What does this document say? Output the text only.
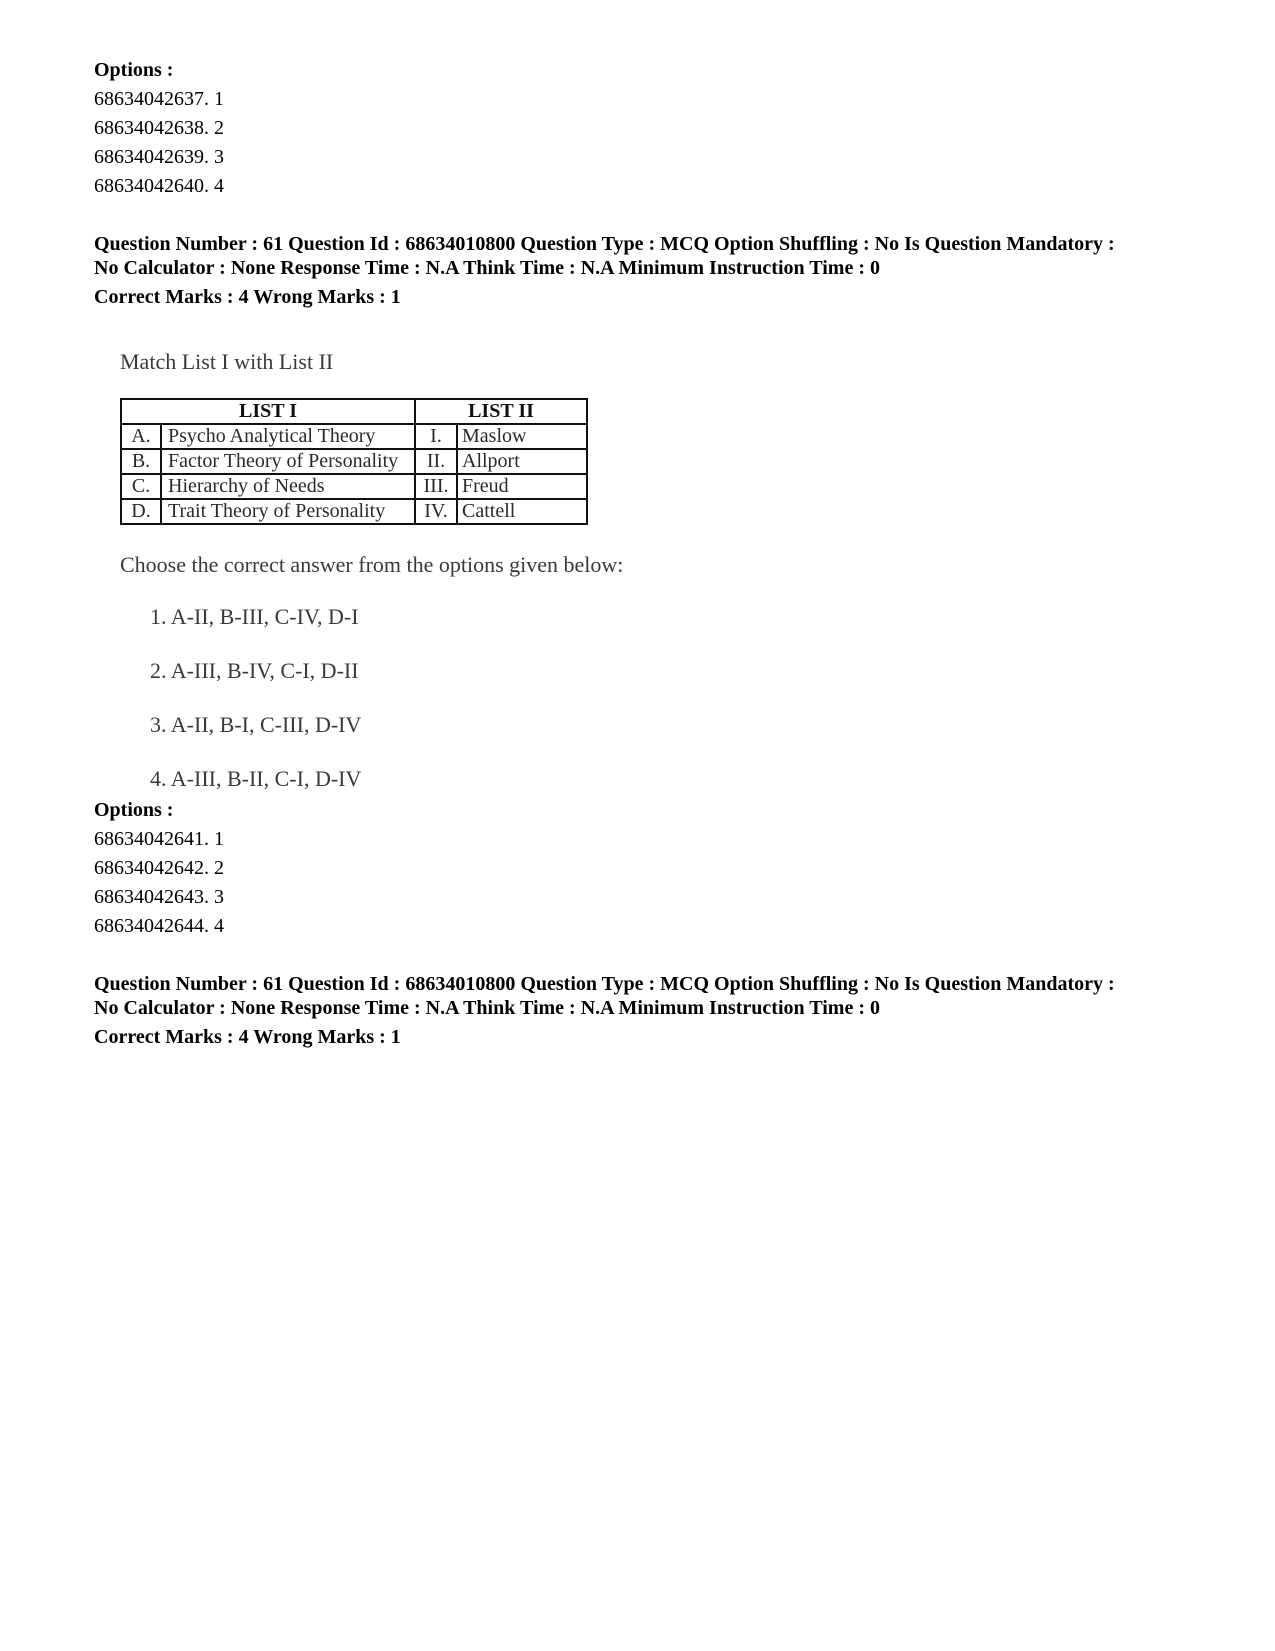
Options :
68634042637. 1
68634042638. 2
68634042639. 3
68634042640. 4
Question Number : 61 Question Id : 68634010800 Question Type : MCQ Option Shuffling : No Is Question Mandatory :
No Calculator : None Response Time : N.A Think Time : N.A Minimum Instruction Time : 0
Correct Marks : 4 Wrong Marks : 1
Match List I with List II
LIST I		LIST II	
A.	Psycho Analytical Theory	I.	Maslow
B.	Factor Theory of Personality	II.	Allport
C.	Hierarchy of Needs	III.	Freud
D.	Trait Theory of Personality	IV.	Cattell
Choose the correct answer from the options given below:
1. A-II, B-III, C-IV, D-I
2. A-III, B-IV, C-I, D-II
3. A-II, B-I, C-III, D-IV
4. A-III, B-II, C-I, D-IV
Options :
68634042641. 1
68634042642. 2
68634042643. 3
68634042644. 4
Question Number : 61 Question Id : 68634010800 Question Type : MCQ Option Shuffling : No Is Question Mandatory :
No Calculator : None Response Time : N.A Think Time : N.A Minimum Instruction Time : 0
Correct Marks : 4 Wrong Marks : 1
